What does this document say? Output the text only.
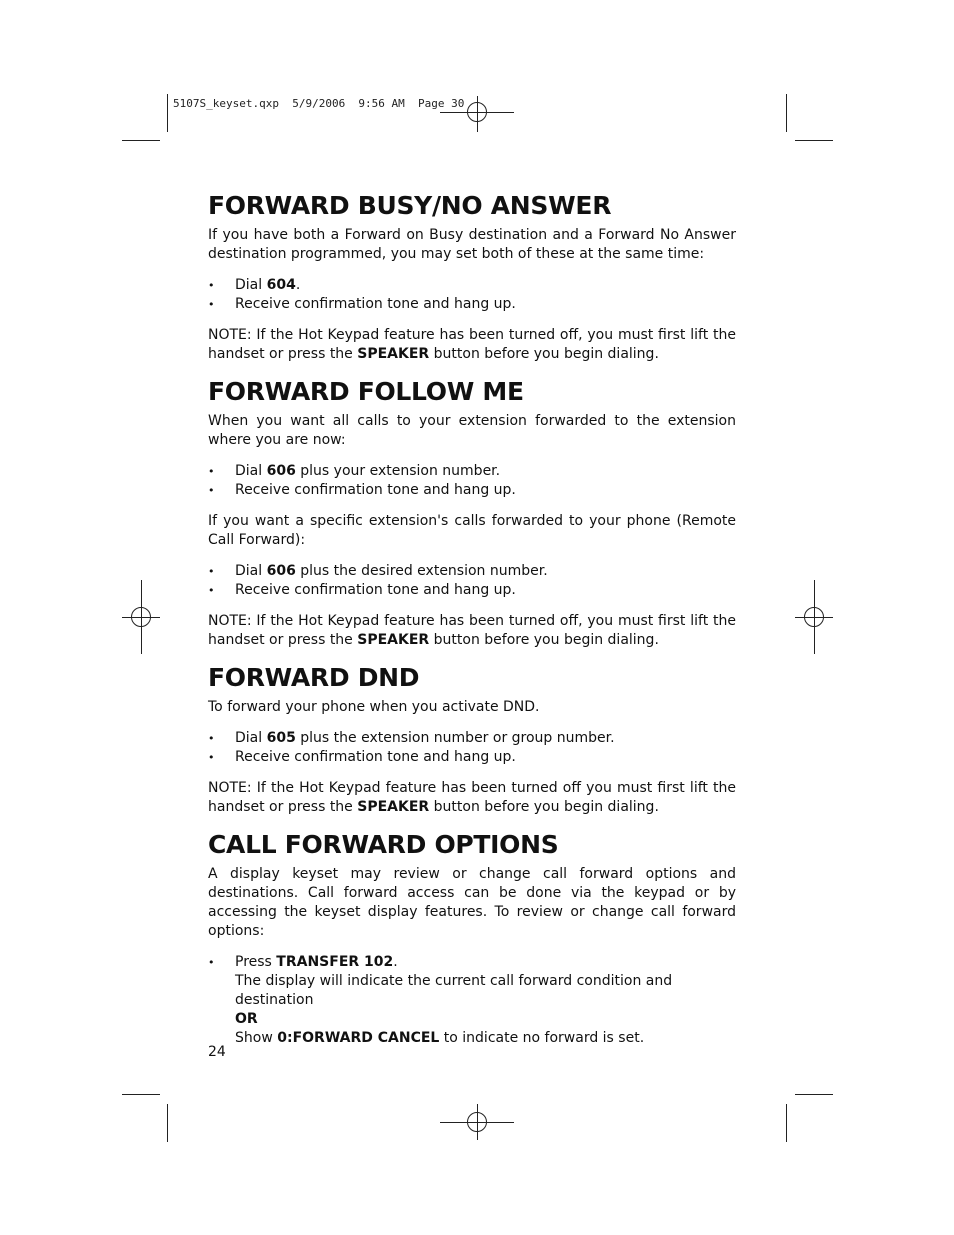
5107S_keyset.qxp  5/9/2006  9:56 AM  Page 30
FORWARD BUSY/NO ANSWER

If you have both a Forward on Busy destination and a Forward No Answer destination programmed, you may set both of these at the same time:

• Dial 604.
• Receive confirmation tone and hang up.

NOTE: If the Hot Keypad feature has been turned off, you must first lift the handset or press the SPEAKER button before you begin dialing.

FORWARD FOLLOW ME

When you want all calls to your extension forwarded to the extension where you are now:

• Dial 606 plus your extension number.
• Receive confirmation tone and hang up.

If you want a specific extension's calls forwarded to your phone (Remote Call Forward):

• Dial 606 plus the desired extension number.
• Receive confirmation tone and hang up.

NOTE: If the Hot Keypad feature has been turned off, you must first lift the handset or press the SPEAKER button before you begin dialing.

FORWARD DND

To forward your phone when you activate DND.

• Dial 605 plus the extension number or group number.
• Receive confirmation tone and hang up.

NOTE: If the Hot Keypad feature has been turned off you must first lift the handset or press the SPEAKER button before you begin dialing.

CALL FORWARD OPTIONS

A display keyset may review or change call forward options and destinations. Call forward access can be done via the keypad or by accessing the keyset display features. To review or change call forward options:

• Press TRANSFER 102.
The display will indicate the current call forward condition and destination
OR
Show 0:FORWARD CANCEL to indicate no forward is set.
24
